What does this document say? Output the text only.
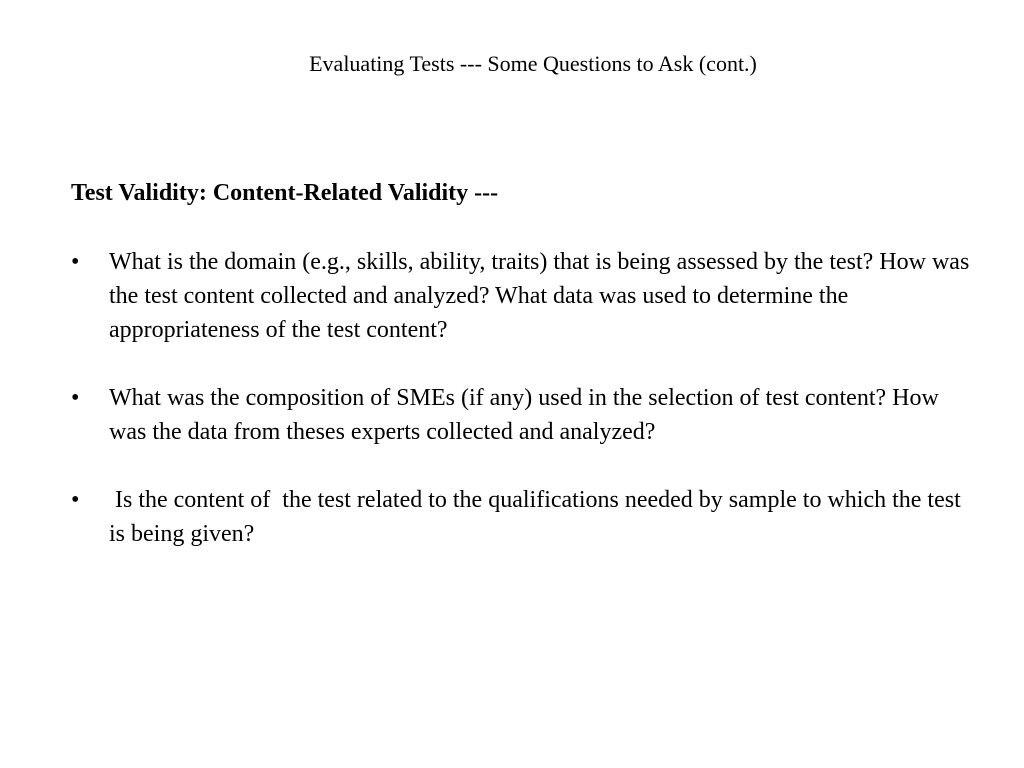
Evaluating Tests --- Some Questions to Ask (cont.)
Test Validity: Content-Related Validity ---
•	What is the domain (e.g., skills, ability, traits) that is being assessed by the test? How was the test content collected and analyzed? What data was used to determine the appropriateness of the test content?
•	What was the composition of SMEs (if any) used in the selection of test content? How was the data from theses experts collected and analyzed?
•	Is the content of  the test related to the qualifications needed by sample to which the test is being given?
